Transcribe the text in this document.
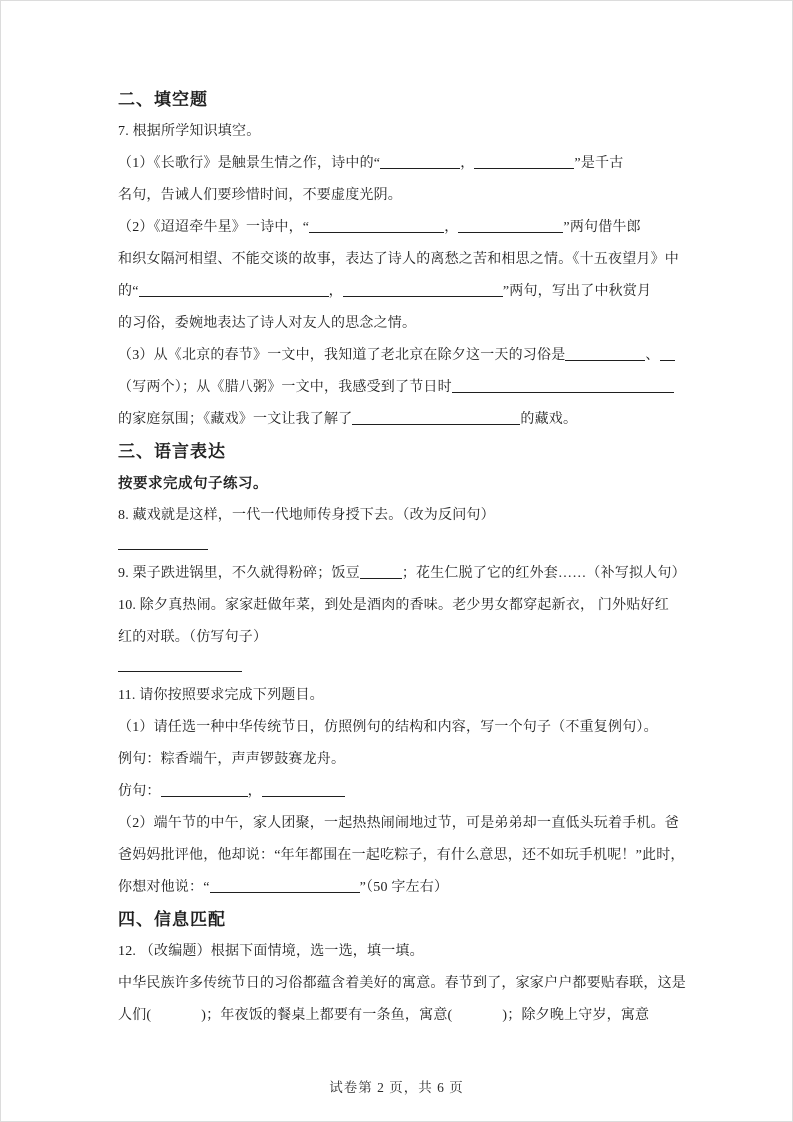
二、填空题
7. 根据所学知识填空。
（1）《长歌行》是触景生情之作，诗中的“	，	”是千古
名句，告诫人们要珍惜时间，不要虚度光阴。
（2）《迢迢牵牛星》一诗中，“	，	”两句借牛郎
和织女隔河相望、不能交谈的故事，表达了诗人的离愁之苦和相思之情。《十五夜望月》中
的“	，	”两句，写出了中秋赏月
的习俗，委婉地表达了诗人对友人的思念之情。
（3）从《北京的春节》一文中，我知道了老北京在除夕这一天的习俗是	、
（写两个）；从《腊八粥》一文中，我感受到了节日时
的家庭氛围；《藏戏》一文让我了解了	的藏戏。
三、语言表达
按要求完成句子练习。
8. 藏戏就是这样，一代一代地师传身授下去。（改为反问句）
9. 栗子跌进锅里，不久就得粉碎；饭豆	；花生仁脱了它的红外套……（补写拟人句）
10. 除夕真热闹。家家赶做年菜，到处是酒肉的香味。老少男女都穿起新衣， 门外贴好红
红的对联。（仿写句子）
11. 请你按照要求完成下列题目。
（1）请任选一种中华传统节日，仿照例句的结构和内容，写一个句子（不重复例句）。
例句：粽香端午，声声锣鼓赛龙舟。
仿句：	，
（2）端午节的中午，家人团聚，一起热热闹闹地过节，可是弟弟却一直低头玩着手机。爸
爸妈妈批评他，他却说：“年年都围在一起吃粽子，有什么意思，还不如玩手机呢！”此时，
你想对他说：“	”（50 字左右）
四、信息匹配
12. （改编题）根据下面情境，选一选，填一填。
中华民族许多传统节日的习俗都蕴含着美好的寓意。春节到了，家家户户都要贴春联，这是
人们(	)；年夜饭的餐桌上都要有一条鱼，寓意(	)；除夕晚上守岁，寓意
试卷第 2 页，共 6 页
